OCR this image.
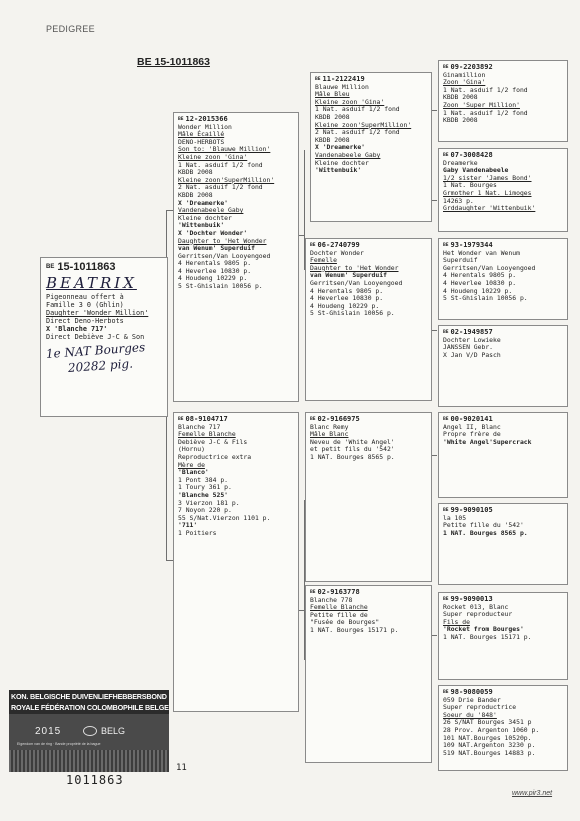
PEDIGREE
BE 15-1011863
BE 15-1011863
BEATRIX
Pigeonneau offert à
Famille 3 0 (Ghlin)
Daughter 'Wonder Million'
Direct Deno-Herbots
X 'Blanche 717'
Direct Debiève J-C & Son
1e NAT Bourges
20282 pig.
BE 12-2015366
Wonder Million
Mâle Écaillé
DENO-HERBOTS
Son to: 'Blauwe Million'
Kleine zoon 'Gina'
1 Nat. asduif 1/2 fond
KBDB 2008
Kleine zoon'SuperMillion'
2 Nat. asduif 1/2 fond
KBDB 2008
X 'Dreamerke'
Vandenabeele Gaby
Kleine dochter
'Wittenbuik'
X 'Dochter Wonder'
Daughter to 'Het Wonder
van Wenum' Superduif
Gerritsen/Van Looyengoed
4 Herentals 9805 p.
4 Heverlee 10830 p.
4 Houdeng 10229 p.
5 St-Ghislain 10056 p.
BE 08-9104717
Blanche 717
Femelle Blanche
Debiève J-C & Fils
(Hornu)
Reproductrice extra
Mère de
'Blanco'
1 Pont 384 p.
1 Toury 361 p.
'Blanche 525'
3 Vierzon 181 p.
7 Noyon 220 p.
55 S/Nat.Vierzon 1101 p.
'711'
1 Poitiers
BE 11-2122419
Blauwe Million
Mâle Bleu
Kleine zoon 'Gina'
1 Nat. asduif 1/2 fond
KBDB 2008
Kleine zoon'SuperMillion'
2 Nat. asduif 1/2 fond
KBDB 2008
X 'Dreamerke'
Vandenabeele Gaby
Kleine dochter
'Wittenbuik'
BE 06-2740799
Dochter Wonder
Femelle
Daughter to 'Het Wonder
van Wenum' Superduif
Gerritsen/Van Looyengoed
4 Herentals 9805 p.
4 Heverlee 10830 p.
4 Houdeng 10229 p.
5 St-Ghislain 10056 p.
BE 02-9166975
Blanc Remy
Mâle Blanc
Neveu de 'White Angel'
et petit fils du '542'
1 NAT. Bourges 8565 p.
BE 02-9163778
Blanche 778
Femelle Blanche
Petite fille de
"Fusée de Bourges"
1 NAT. Bourges 15171 p.
BE 09-2203892
Ginamillion
Zoon 'Gina'
1 Nat. asduif 1/2 fond
KBDB 2008
Zoon 'Super Million'
1 Nat. asduif 1/2 fond
KBDB 2008
BE 07-3008428
Dreamerke
Gaby Vandenabeele
1/2 sister 'James Bond'
1 Nat. Bourges
Grmother 1 Nat. Limoges
14263 p.
Grddaughter 'Wittenbuik'
BE 93-1979344
Het Wonder van Wenum
Superduif
Gerritsen/Van Looyengoed
4 Herentals 9805 p.
4 Heverlee 10830 p.
4 Houdeng 10229 p.
5 St-Ghislain 10056 p.
BE 02-1949857
Dochter Lowieke
JANSSEN Gebr.
X Jan V/D Pasch
BE 00-9020141
Angel II, Blanc
Propre frère de
'White Angel'Supercrack
BE 99-9090105
la 105
Petite fille du '542'
1 NAT. Bourges 8565 p.
BE 99-9090013
Rocket 013, Blanc
Super reproducteur
Fils de
'Rocket from Bourges'
1 NAT. Bourges 15171 p.
BE 98-9080059
059 Drie Bander
Super reproductrice
Soeur du '848'
26 S/NAT Bourges 3451 p
28 Prov. Argenton 1060 p.
101 NAT.Bourges 10520p.
109 NAT.Argenton 3230 p.
519 NAT.Bourges 14883 p.
KON. BELGISCHE DUIVENLIEFHEBBERSBOND
ROYALE FÉDÉRATION COLOMBOPHILE BELGE
2015	BELG
Eigendom van de ring · Bande propriété de la bague
1011863
11
www.pir3.net
